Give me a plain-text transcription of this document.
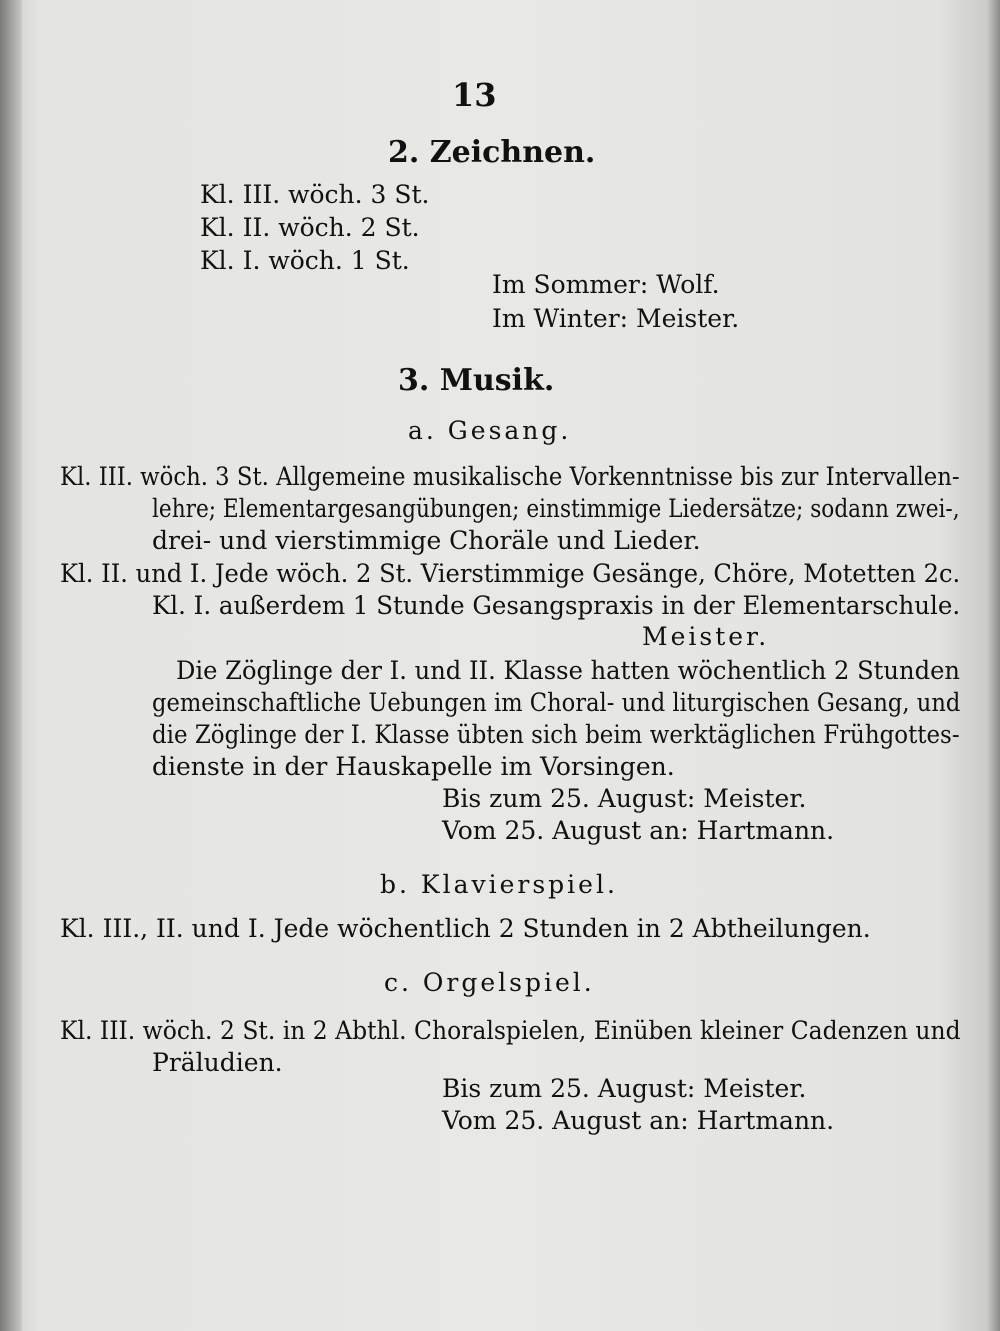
13
2. Zeichnen.
Kl. III. wöch. 3 St.
Kl. II. wöch. 2 St.
Kl. I. wöch. 1 St.
Im Sommer: Wolf.
Im Winter: Meister.
3. Musik.
a. Gesang.
Kl. III. wöch. 3 St. Allgemeine musikalische Vorkenntnisse bis zur Intervallen-
lehre; Elementargesangübungen; einstimmige Liedersätze; sodann zwei-,
drei- und vierstimmige Choräle und Lieder.
Kl. II. und I. Jede wöch. 2 St. Vierstimmige Gesänge, Chöre, Motetten 2c.
Kl. I. außerdem 1 Stunde Gesangspraxis in der Elementarschule.
Meister.
Die Zöglinge der I. und II. Klasse hatten wöchentlich 2 Stunden
gemeinschaftliche Uebungen im Choral- und liturgischen Gesang, und
die Zöglinge der I. Klasse übten sich beim werktäglichen Frühgottes-
dienste in der Hauskapelle im Vorsingen.
Bis zum 25. August: Meister.
Vom 25. August an: Hartmann.
b. Klavierspiel.
Kl. III., II. und I. Jede wöchentlich 2 Stunden in 2 Abtheilungen.
c. Orgelspiel.
Kl. III. wöch. 2 St. in 2 Abthl. Choralspielen, Einüben kleiner Cadenzen und
Präludien.
Bis zum 25. August: Meister.
Vom 25. August an: Hartmann.
